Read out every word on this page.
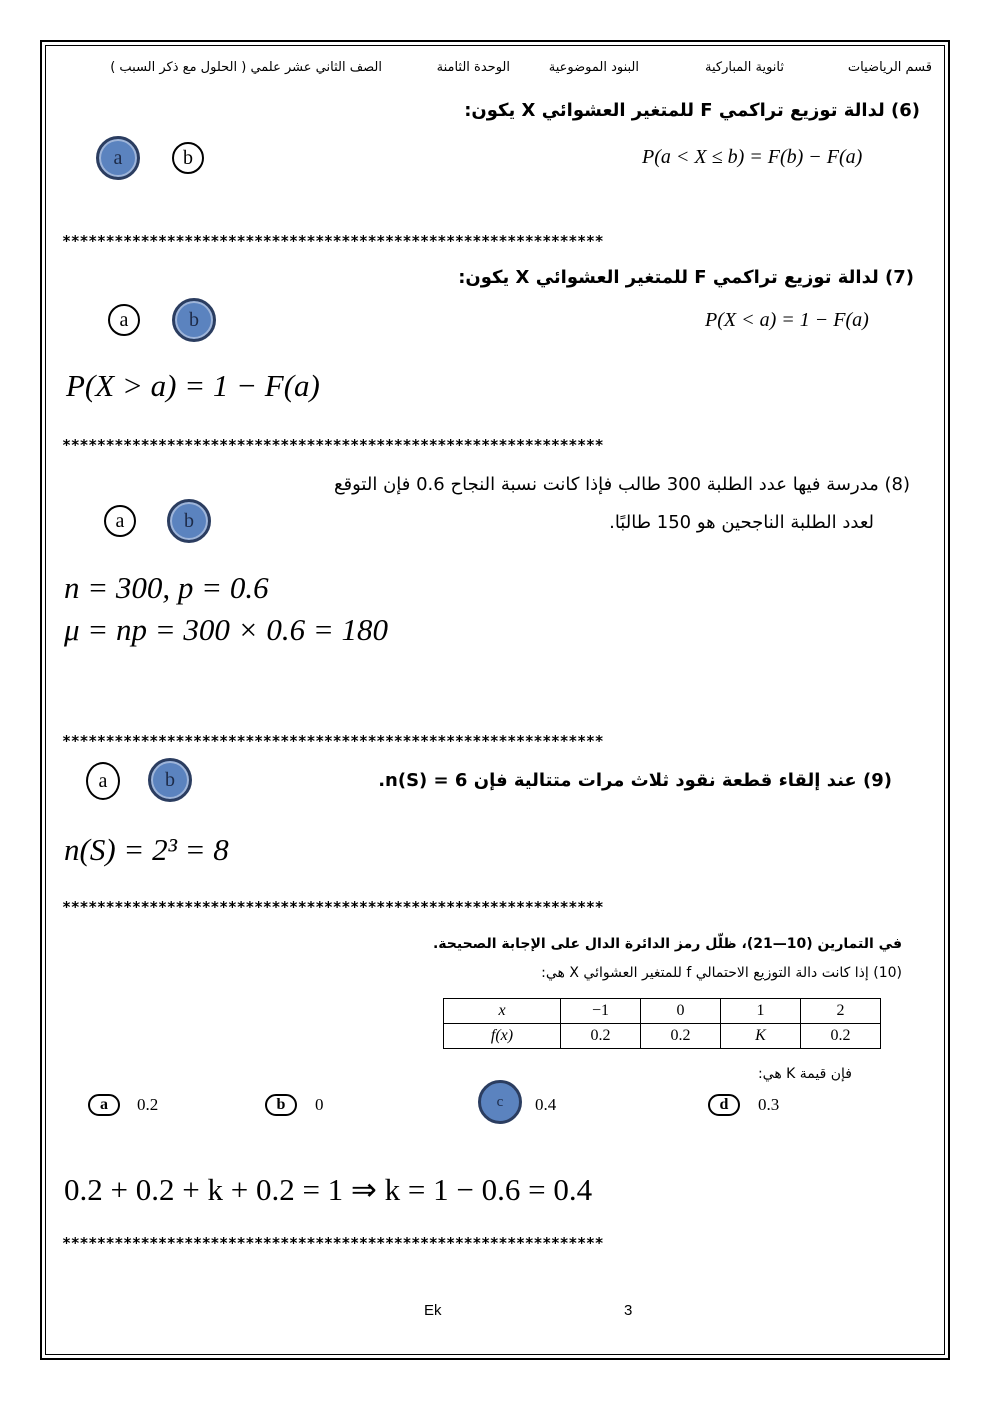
قسم الرياضيات
ثانوية المباركية
البنود الموضوعية
الوحدة الثامنة
الصف الثاني عشر علمي ( الحلول مع ذكر السبب )
(6) لدالة توزيع تراكمي F للمتغير العشوائي X يكون:
a	b	P(a < X ≤ b) = F(b) − F(a)
**************************************************************
(7) لدالة توزيع تراكمي F للمتغير العشوائي X يكون:
a	b	P(X < a) = 1 − F(a)
P(X > a) = 1 − F(a)
**************************************************************
(8) مدرسة فيها عدد الطلبة 300 طالب فإذا كانت نسبة النجاح 0.6 فإن التوقع
لعدد الطلبة الناجحين هو 150 طالبًا.
a	b
n = 300, p = 0.6
μ = np = 300 × 0.6 = 180
**************************************************************
a	b	(9) عند إلقاء قطعة نقود ثلاث مرات متتالية فإن 6 = n(S).
n(S) = 2³ = 8
**************************************************************
في التمارين (10—21)، ظلّل رمز الدائرة الدال على الإجابة الصحيحة.
(10) إذا كانت دالة التوزيع الاحتمالي f للمتغير العشوائي X هي:
x	−1	0	1	2
f(x)	0.2	0.2	K	0.2
فإن قيمة K هي:
a	0.2	b	0	c	0.4	d	0.3
0.2 + 0.2 + k + 0.2 = 1 ⇒ k = 1 − 0.6 = 0.4
**************************************************************
Ek	3
